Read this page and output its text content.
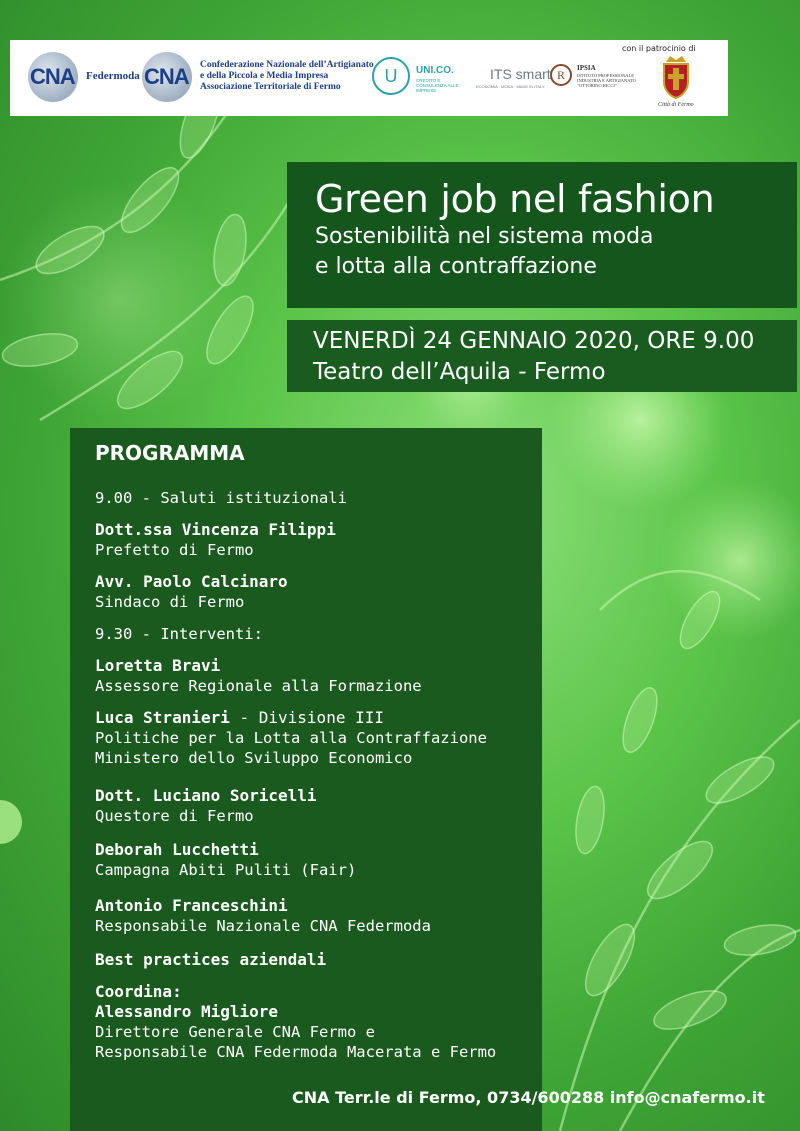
CNA Federmoda CNA Confederazione Nazionale dell’Artigianato
e della Piccola e Media Impresa
Associazione Territoriale di Fermo
U	UNI.CO.
CREDITO E CONSULENZA ALLE IMPRESE
ITS smart
ECONOMIA · MODA · MADE IN ITALY
R	IPSIA
ISTITUTO PROFESSIONALE INDUSTRIA E ARTIGIANATO "OTTORINO RICCI"
con il patrocinio di
Città di Fermo
Green job nel fashion
Sostenibilità nel sistema moda
e lotta alla contraffazione
VENERDÌ 24 GENNAIO 2020, ORE 9.00
Teatro dell’Aquila - Fermo
PROGRAMMA
9.00 - Saluti istituzionali
Dott.ssa Vincenza Filippi
Prefetto di Fermo
Avv. Paolo Calcinaro
Sindaco di Fermo
9.30 - Interventi:
Loretta Bravi
Assessore Regionale alla Formazione
Luca Stranieri - Divisione III
Politiche per la Lotta alla Contraffazione
Ministero dello Sviluppo Economico
Dott. Luciano Soricelli
Questore di Fermo
Deborah Lucchetti
Campagna Abiti Puliti (Fair)
Antonio Franceschini
Responsabile Nazionale CNA Federmoda
Best practices aziendali
Coordina:
Alessandro Migliore
Direttore Generale CNA Fermo e
Responsabile CNA Federmoda Macerata e Fermo
CNA Terr.le di Fermo, 0734/600288 info@cnafermo.it
